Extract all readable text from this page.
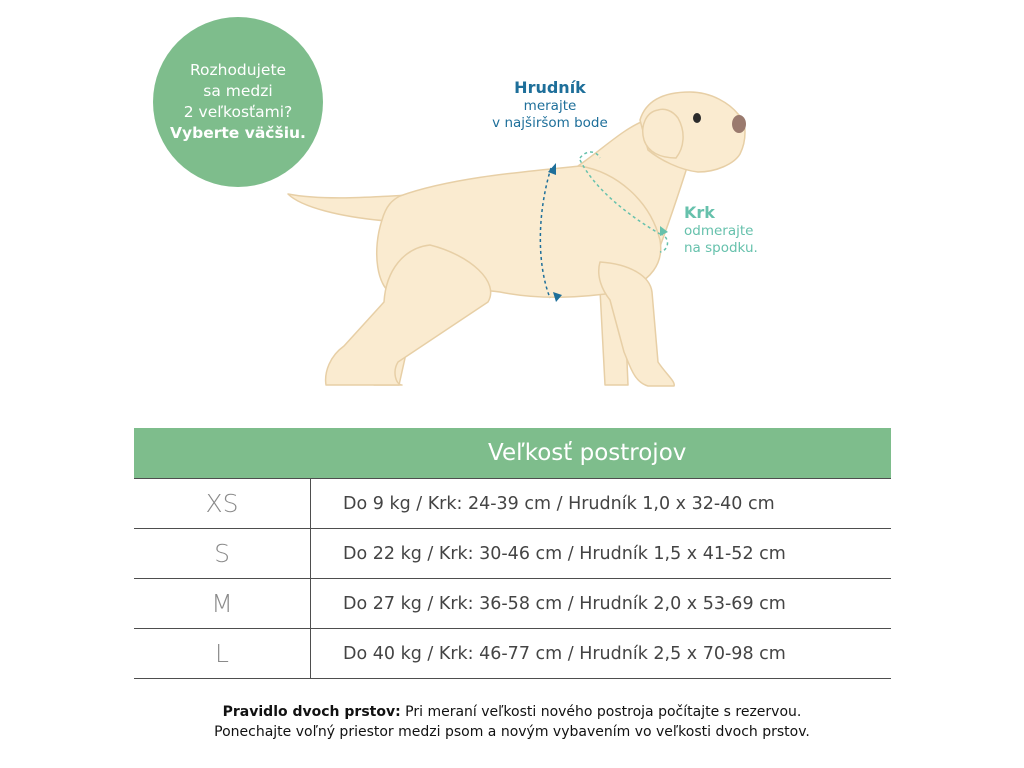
Rozhodujete
sa medzi
2 veľkosťami?
Vyberte väčšiu.
Hrudník
merajte
v najširšom bode
Krk
odmerajte
na spodku.
Veľkosť postrojov	
XS	Do 9 kg / Krk: 24-39 cm / Hrudník 1,0 x 32-40 cm
S	Do 22 kg / Krk: 30-46 cm / Hrudník 1,5 x 41-52 cm
M	Do 27 kg / Krk: 36-58 cm / Hrudník 2,0 x 53-69 cm
L	Do 40 kg / Krk: 46-77 cm / Hrudník 2,5 x 70-98 cm
Pravidlo dvoch prstov: Pri meraní veľkosti nového postroja počítajte s rezervou.
Ponechajte voľný priestor medzi psom a novým vybavením vo veľkosti dvoch prstov.
